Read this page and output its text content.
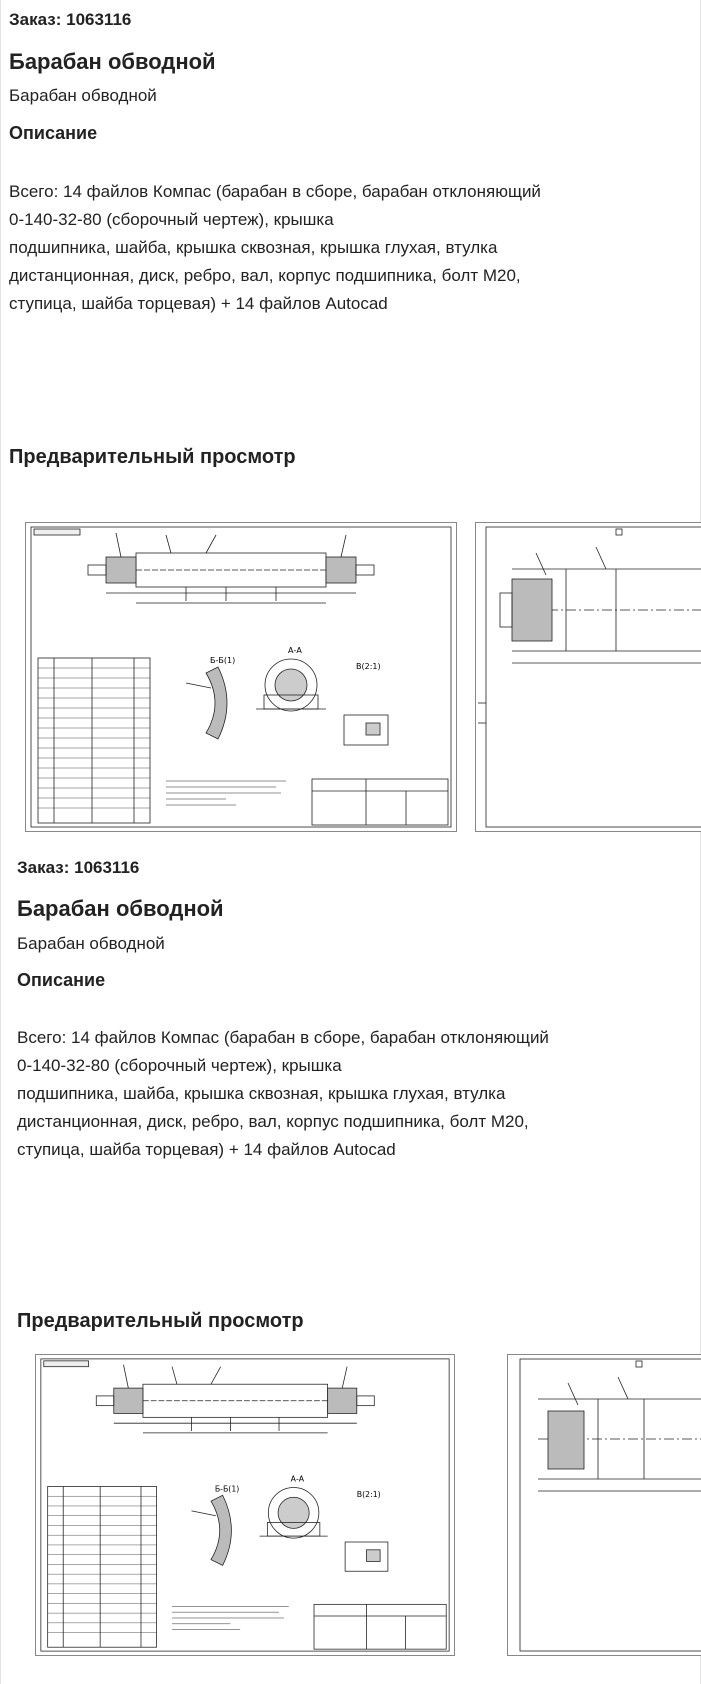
Заказ: 1063116
Барабан обводной
Барабан обводной
Описание
Всего: 14 файлов Компас (барабан в сборе, барабан отклоняющий
0-140-32-80 (сборочный чертеж), крышка
подшипника, шайба, крышка сквозная, крышка глухая, втулка
дистанционная, диск, ребро, вал, корпус подшипника, болт М20,
ступица, шайба торцевая) + 14 файлов Autocad
Предварительный просмотр
А-А
Б-Б(1)
В(2:1)
Заказ: 1063116
Барабан обводной
Барабан обводной
Описание
Всего: 14 файлов Компас (барабан в сборе, барабан отклоняющий
0-140-32-80 (сборочный чертеж), крышка
подшипника, шайба, крышка сквозная, крышка глухая, втулка
дистанционная, диск, ребро, вал, корпус подшипника, болт М20,
ступица, шайба торцевая) + 14 файлов Autocad
Предварительный просмотр
А-А
Б-Б(1)
В(2:1)
